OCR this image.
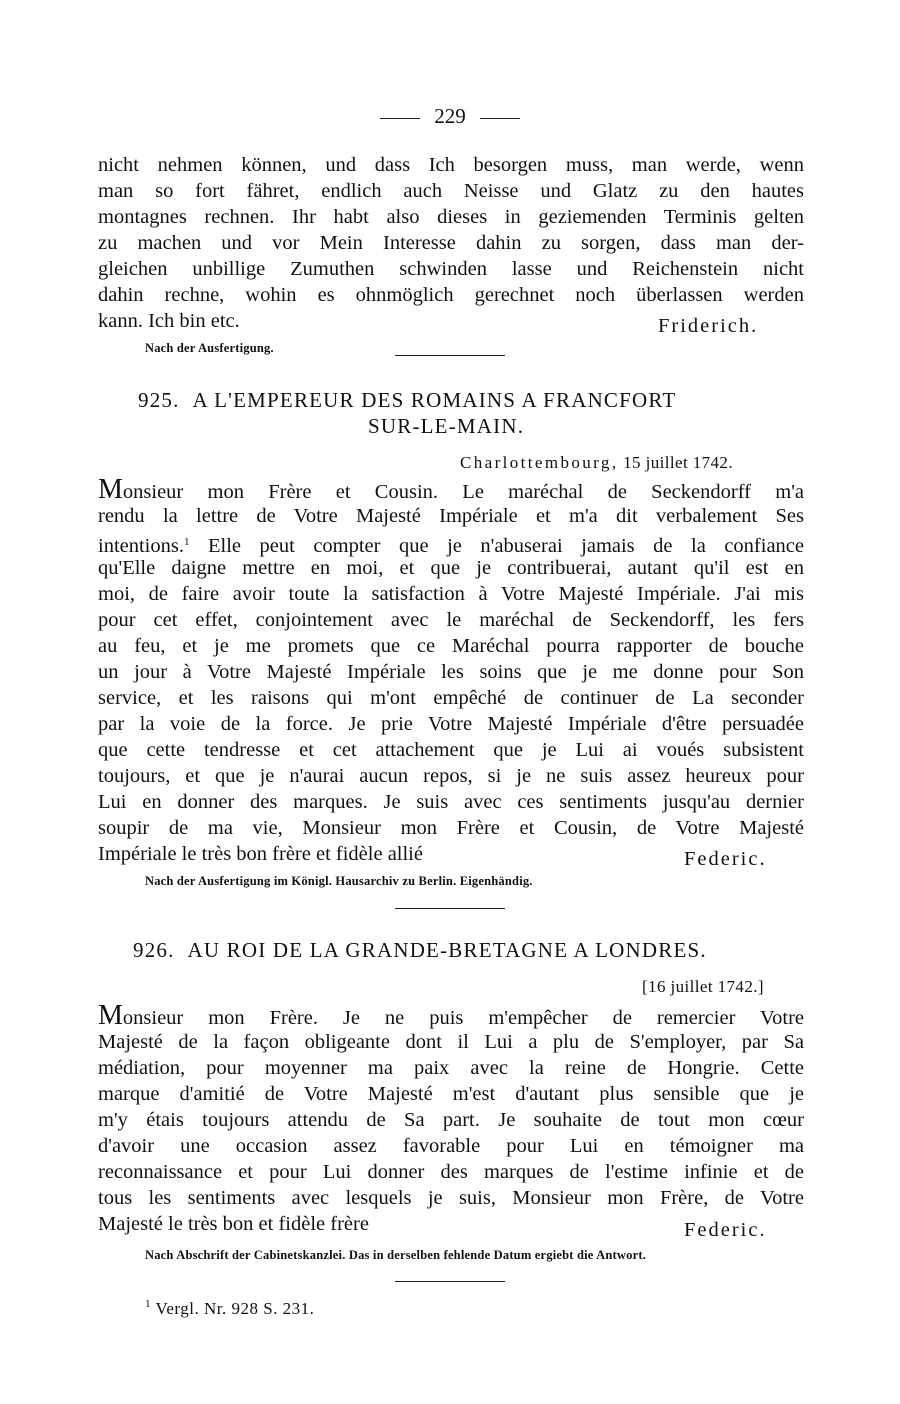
229
nicht nehmen können, und dass Ich besorgen muss, man werde, wenn
man so fort fähret, endlich auch Neisse und Glatz zu den hautes
montagnes rechnen. Ihr habt also dieses in geziemenden Terminis gelten
zu machen und vor Mein Interesse dahin zu sorgen, dass man der-
gleichen unbillige Zumuthen schwinden lasse und Reichenstein nicht
dahin rechne, wohin es ohnmöglich gerechnet noch überlassen werden
kann. Ich bin etc.	Friderich.
Nach der Ausfertigung.
925. A L'EMPEREUR DES ROMAINS A FRANCFORT
SUR-LE-MAIN.
Charlottembourg, 15 juillet 1742.
Monsieur mon Frère et Cousin. Le maréchal de Seckendorff m'a
rendu la lettre de Votre Majesté Impériale et m'a dit verbalement Ses
intentions.$^1$ Elle peut compter que je n'abuserai jamais de la confiance
qu'Elle daigne mettre en moi, et que je contribuerai, autant qu'il est en
moi, de faire avoir toute la satisfaction à Votre Majesté Impériale. J'ai mis
pour cet effet, conjointement avec le maréchal de Seckendorff, les fers
au feu, et je me promets que ce Maréchal pourra rapporter de bouche
un jour à Votre Majesté Impériale les soins que je me donne pour Son
service, et les raisons qui m'ont empêché de continuer de La seconder
par la voie de la force. Je prie Votre Majesté Impériale d'être persuadée
que cette tendresse et cet attachement que je Lui ai voués subsistent
toujours, et que je n'aurai aucun repos, si je ne suis assez heureux pour
Lui en donner des marques. Je suis avec ces sentiments jusqu'au dernier
soupir de ma vie, Monsieur mon Frère et Cousin, de Votre Majesté
Impériale le très bon frère et fidèle allié	Federic.
Nach der Ausfertigung im Königl. Hausarchiv zu Berlin. Eigenhändig.
926. AU ROI DE LA GRANDE-BRETAGNE A LONDRES.
[16 juillet 1742.]
Monsieur mon Frère. Je ne puis m'empêcher de remercier Votre
Majesté de la façon obligeante dont il Lui a plu de S'employer, par Sa
médiation, pour moyenner ma paix avec la reine de Hongrie. Cette
marque d'amitié de Votre Majesté m'est d'autant plus sensible que je
m'y étais toujours attendu de Sa part. Je souhaite de tout mon cœur
d'avoir une occasion assez favorable pour Lui en témoigner ma
reconnaissance et pour Lui donner des marques de l'estime infinie et de
tous les sentiments avec lesquels je suis, Monsieur mon Frère, de Votre
Majesté le très bon et fidèle frère	Federic.
Nach Abschrift der Cabinetskanzlei. Das in derselben fehlende Datum ergiebt die Antwort.
$^1$ Vergl. Nr. 928 S. 231.
